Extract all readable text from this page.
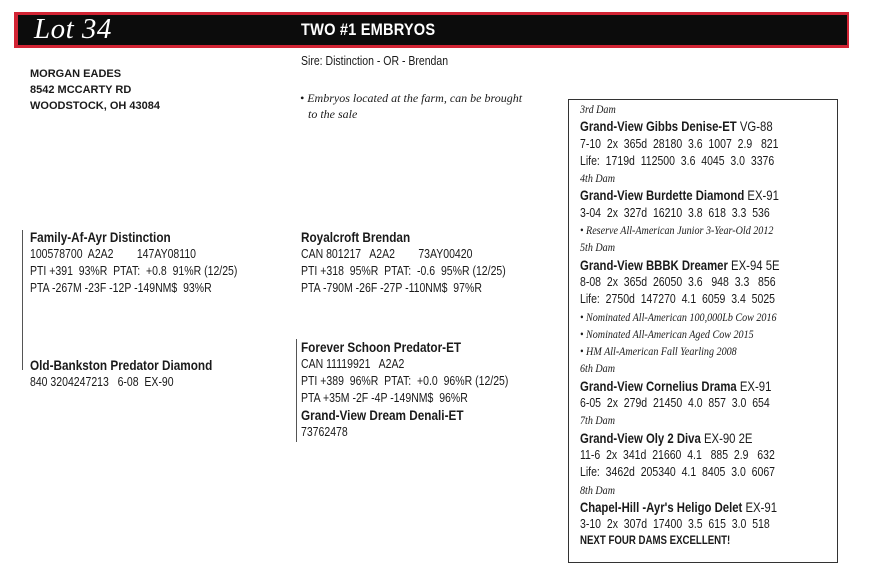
Lot 34	TWO #1 EMBRYOS
Sire: Distinction - OR - Brendan
MORGAN EADES
8542 MCCARTY RD
WOODSTOCK, OH 43084
• Embryos located at the farm, can be brought
to the sale
Family-Af-Ayr Distinction
100578700  A2A2        147AY08110
PTI +391  93%R  PTAT:  +0.8  91%R (12/25)
PTA -267M -23F -12P -149NM$  93%R
Royalcroft Brendan
CAN 801217   A2A2        73AY00420
PTI +318  95%R  PTAT:  -0.6  95%R (12/25)
PTA -790M -26F -27P -110NM$  97%R
Old-Bankston Predator Diamond
840 3204247213   6-08  EX-90
Forever Schoon Predator-ET
CAN 11119921   A2A2
PTI +389  96%R  PTAT:  +0.0  96%R (12/25)
PTA +35M -2F -4P -149NM$  96%R
Grand-View Dream Denali-ET
73762478
3rd Dam
Grand-View Gibbs Denise-ET VG-88
7-10  2x  365d  28180  3.6  1007  2.9   821
Life:  1719d  112500  3.6  4045  3.0  3376
4th Dam
Grand-View Burdette Diamond EX-91
3-04  2x  327d  16210  3.8  618  3.3  536
• Reserve All-American Junior 3-Year-Old 2012
5th Dam
Grand-View BBBK Dreamer EX-94 5E
8-08  2x  365d  26050  3.6   948  3.3   856
Life:  2750d  147270  4.1  6059  3.4  5025
• Nominated All-American 100,000Lb Cow 2016
• Nominated All-American Aged Cow 2015
• HM All-American Fall Yearling 2008
6th Dam
Grand-View Cornelius Drama EX-91
6-05  2x  279d  21450  4.0  857  3.0  654
7th Dam
Grand-View Oly 2 Diva EX-90 2E
11-6  2x  341d  21660  4.1   885  2.9   632
Life:  3462d  205340  4.1  8405  3.0  6067
8th Dam
Chapel-Hill -Ayr's Heligo Delet EX-91
3-10  2x  307d  17400  3.5  615  3.0  518
NEXT FOUR DAMS EXCELLENT!
